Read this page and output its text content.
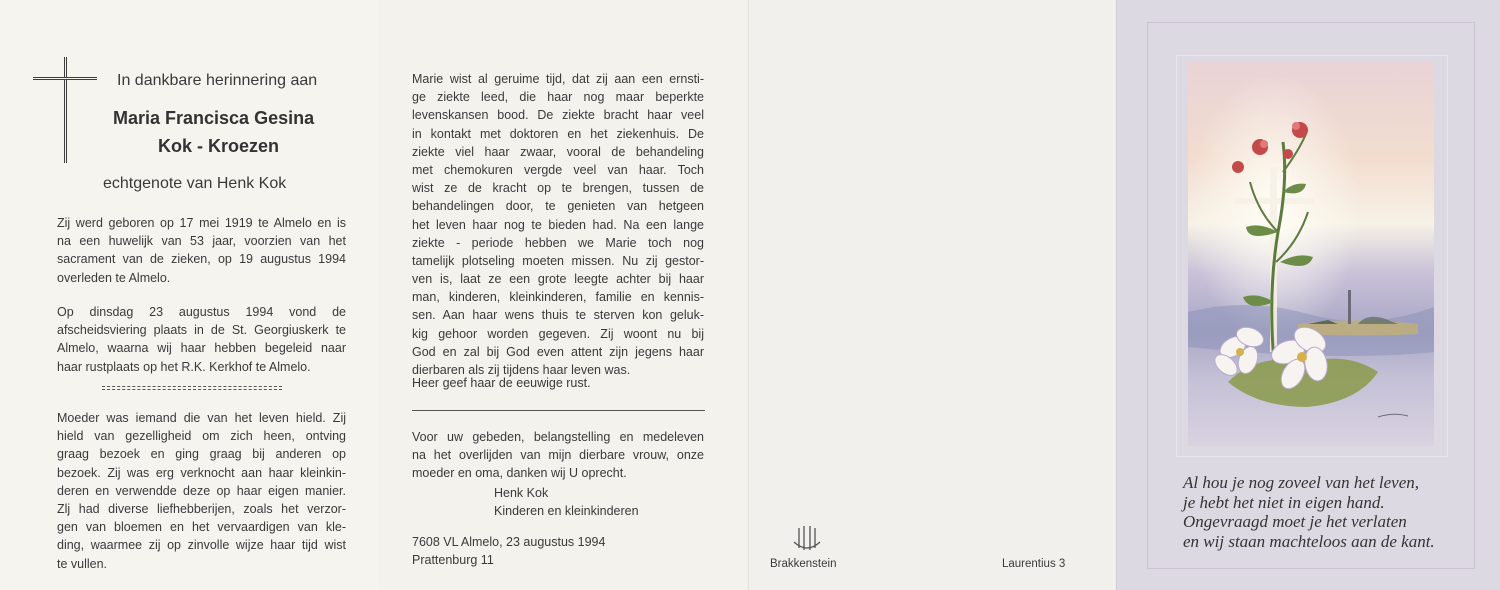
In dankbare herinnering aan
Maria Francisca Gesina
Kok - Kroezen
echtgenote van Henk Kok
Zij werd geboren op 17 mei 1919 te Almelo en is
na een huwelijk van 53 jaar, voorzien van het
sacrament van de zieken, op 19 augustus 1994
overleden te Almelo.
Op dinsdag 23 augustus 1994 vond de
afscheidsviering plaats in de St. Georgiuskerk te
Almelo, waarna wij haar hebben begeleid naar
haar rustplaats op het R.K. Kerkhof te Almelo.
Moeder was iemand die van het leven hield. Zij
hield van gezelligheid om zich heen, ontving
graag bezoek en ging graag bij anderen op
bezoek. Zij was erg verknocht aan haar kleinkin-
deren en verwendde deze op haar eigen manier.
Zlj had diverse liefhebberijen, zoals het verzor-
gen van bloemen en het vervaardigen van kle-
ding, waarmee zij op zinvolle wijze haar tijd wist
te vullen.
Marie wist al geruime tijd, dat zij aan een ernsti-
ge ziekte leed, die haar nog maar beperkte
levenskansen bood. De ziekte bracht haar veel
in kontakt met doktoren en het ziekenhuis. De
ziekte viel haar zwaar, vooral de behandeling
met chemokuren vergde veel van haar. Toch
wist ze de kracht op te brengen, tussen de
behandelingen door, te genieten van hetgeen
het leven haar nog te bieden had. Na een lange
ziekte - periode hebben we Marie toch nog
tamelijk plotseling moeten missen. Nu zij gestor-
ven is, laat ze een grote leegte achter bij haar
man, kinderen, kleinkinderen, familie en kennis-
sen. Aan haar wens thuis te sterven kon geluk-
kig gehoor worden gegeven. Zij woont nu bij
God en zal bij God even attent zijn jegens haar
dierbaren als zij tijdens haar leven was.
Heer geef haar de eeuwige rust.
Voor uw gebeden, belangstelling en medeleven
na het overlijden van mijn dierbare vrouw, onze
moeder en oma, danken wij U oprecht.
Henk Kok
Kinderen en kleinkinderen
7608 VL Almelo, 23 augustus 1994
Prattenburg 11	Brakkenstein	Laurentius 3
Al hou je nog zoveel van het leven,
je hebt het niet in eigen hand.
Ongevraagd moet je het verlaten
en wij staan machteloos aan de kant.
